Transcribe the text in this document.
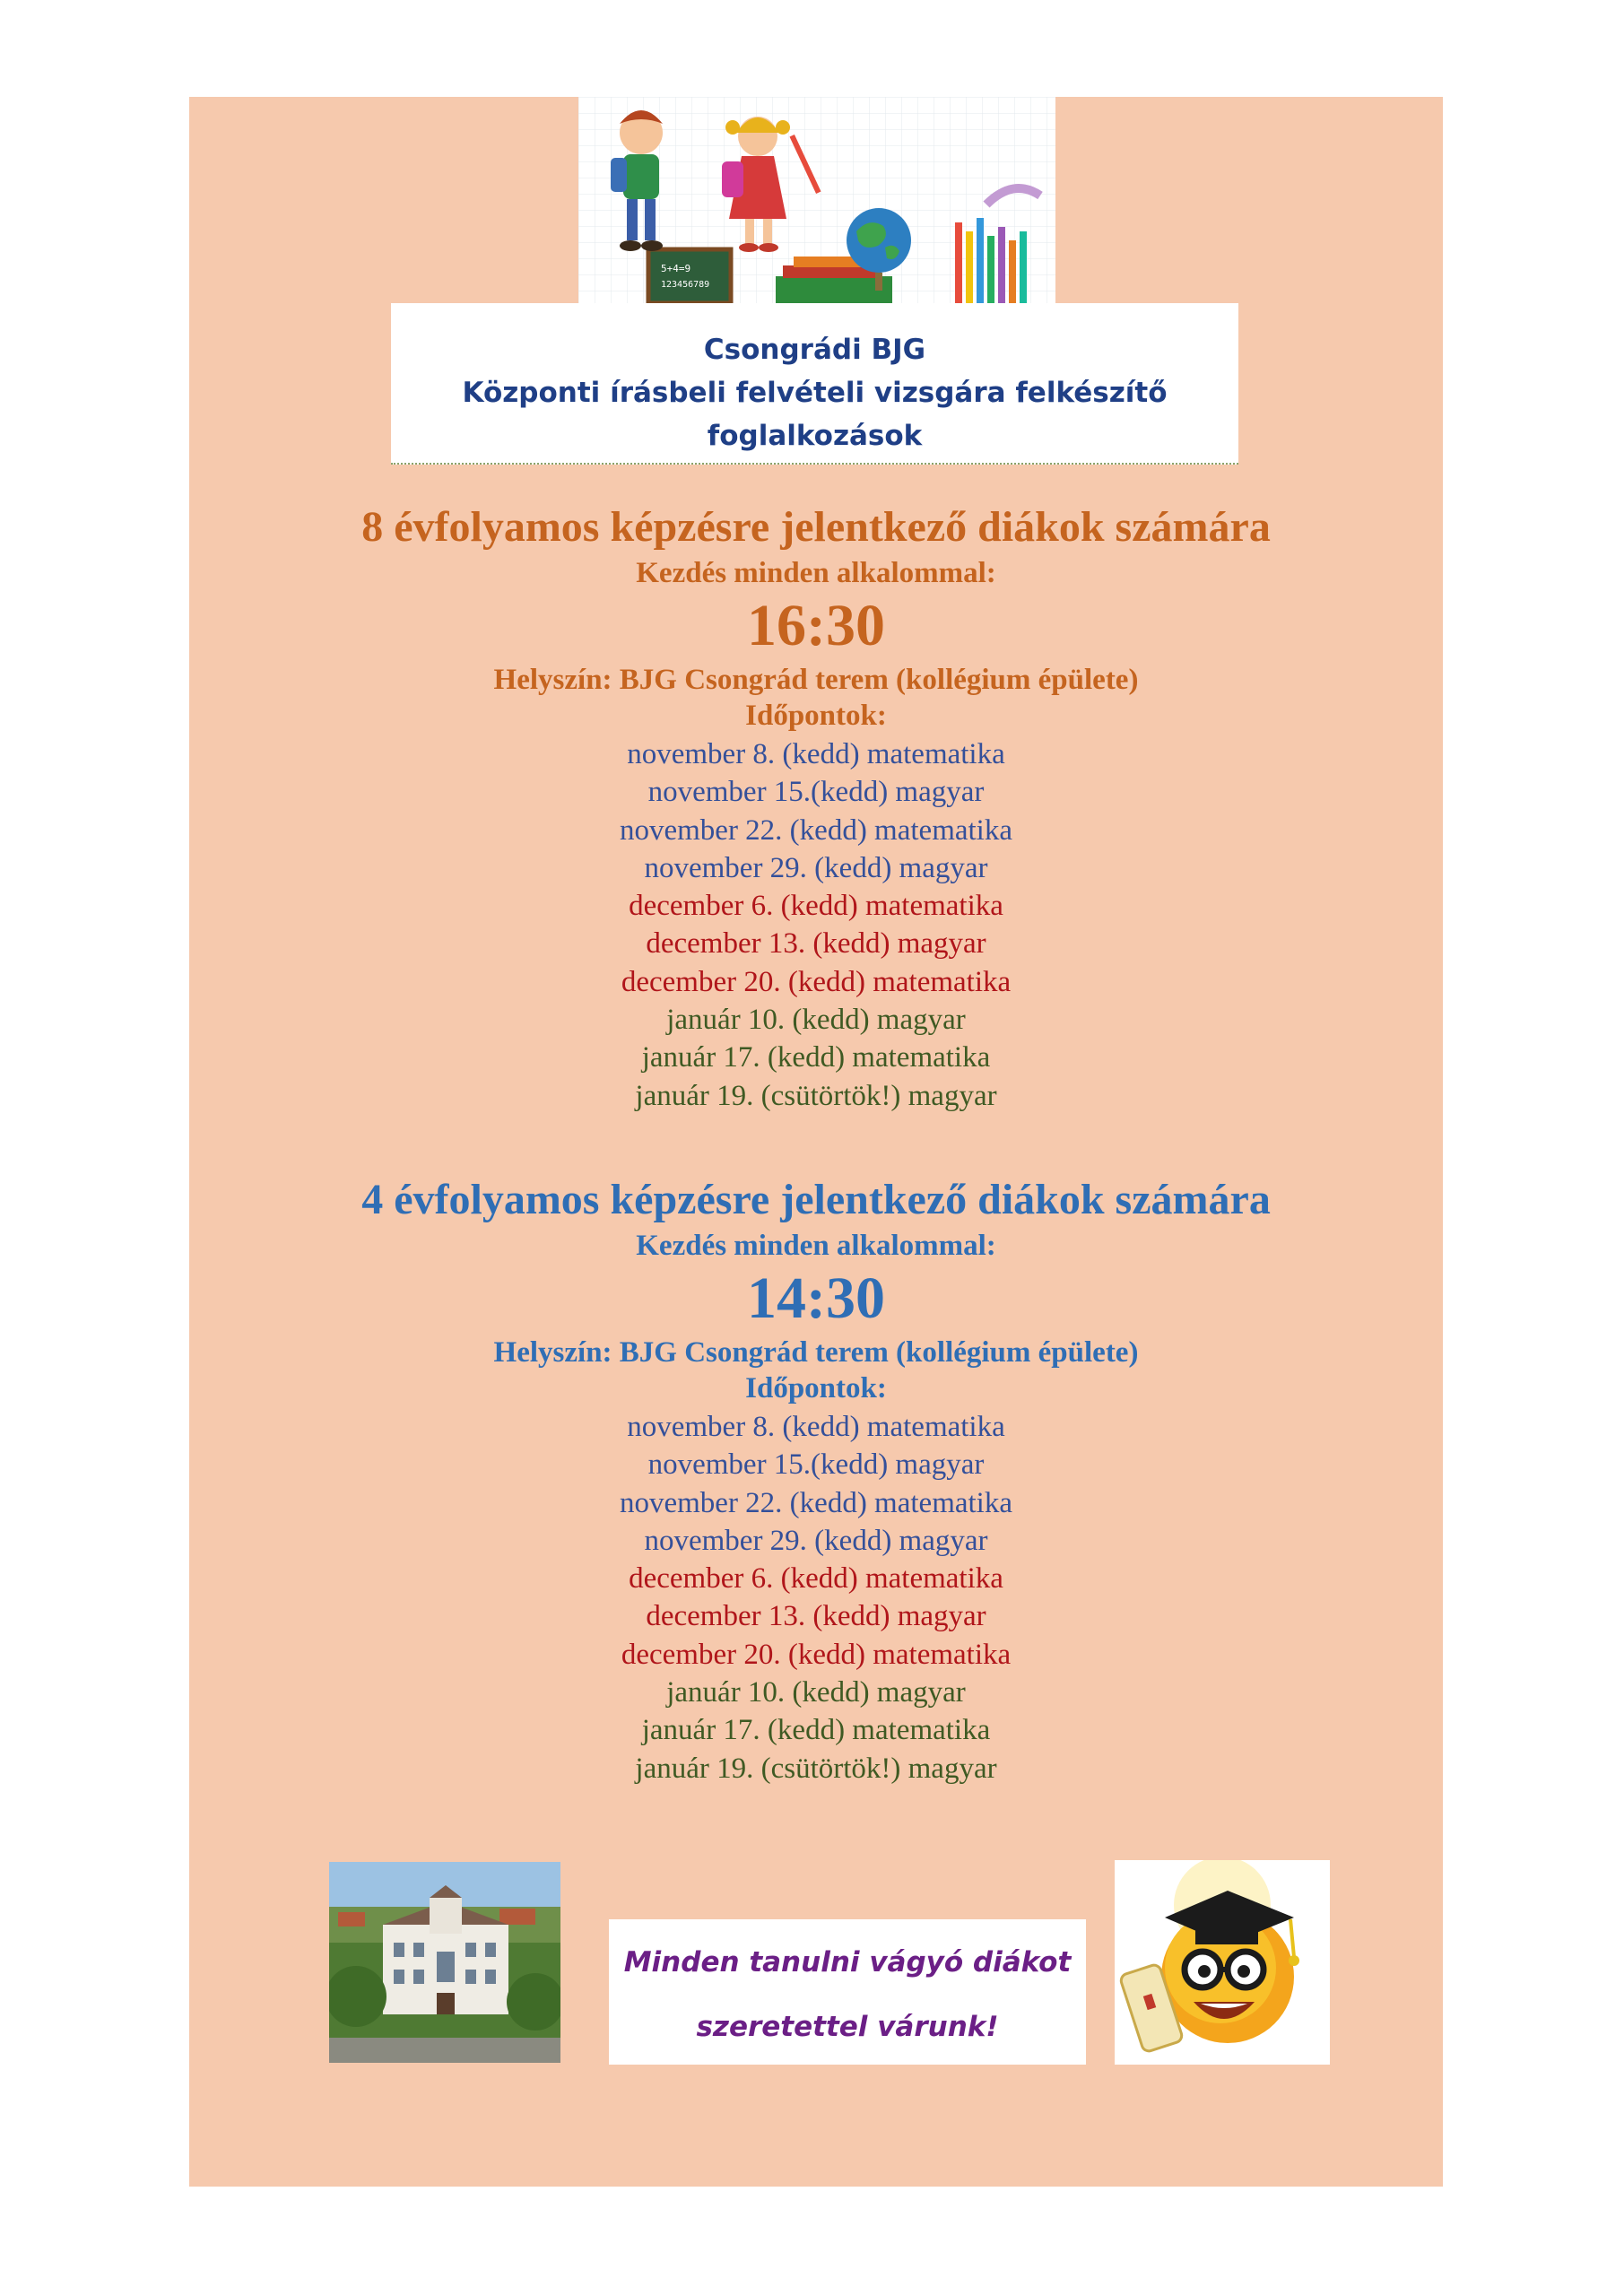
5+4=9
123456789
Csongrádi BJG
Központi írásbeli felvételi vizsgára felkészítő
foglalkozások
8 évfolyamos képzésre jelentkező diákok számára
Kezdés minden alkalommal:
16:30
Helyszín: BJG Csongrád terem (kollégium épülete)
Időpontok:
november 8. (kedd) matematika
november 15.(kedd) magyar
november 22. (kedd) matematika
november 29. (kedd) magyar
december 6. (kedd) matematika
december 13. (kedd) magyar
december 20. (kedd) matematika
január 10. (kedd) magyar
január 17. (kedd) matematika
január 19. (csütörtök!) magyar
4 évfolyamos képzésre jelentkező diákok számára
Kezdés minden alkalommal:
14:30
Helyszín: BJG Csongrád terem (kollégium épülete)
Időpontok:
november 8. (kedd) matematika
november 15.(kedd) magyar
november 22. (kedd) matematika
november 29. (kedd) magyar
december 6. (kedd) matematika
december 13. (kedd) magyar
december 20. (kedd) matematika
január 10. (kedd) magyar
január 17. (kedd) matematika
január 19. (csütörtök!) magyar
Minden tanulni vágyó diákot
szeretettel várunk!
